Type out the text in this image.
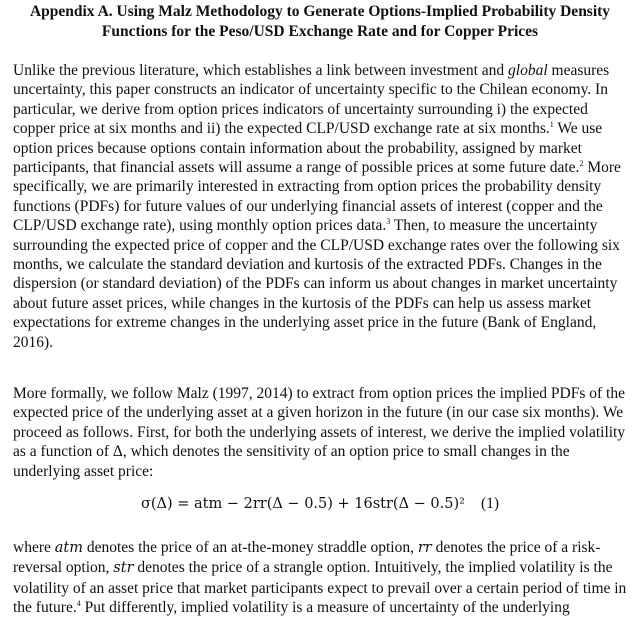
Appendix A. Using Malz Methodology to Generate Options-Implied Probability Density
Functions for the Peso/USD Exchange Rate and for Copper Prices

Unlike the previous literature, which establishes a link between investment and global measures uncertainty, this paper constructs an indicator of uncertainty specific to the Chilean economy. In particular, we derive from option prices indicators of uncertainty surrounding i) the expected copper price at six months and ii) the expected CLP/USD exchange rate at six months.$^1$ We use option prices because options contain information about the probability, assigned by market participants, that financial assets will assume a range of possible prices at some future date.$^2$ More specifically, we are primarily interested in extracting from option prices the probability density functions (PDFs) for future values of our underlying financial assets of interest (copper and the CLP/USD exchange rate), using monthly option prices data.$^3$ Then, to measure the uncertainty surrounding the expected price of copper and the CLP/USD exchange rates over the following six months, we calculate the standard deviation and kurtosis of the extracted PDFs. Changes in the dispersion (or standard deviation) of the PDFs can inform us about changes in market uncertainty about future asset prices, while changes in the kurtosis of the PDFs can help us assess market expectations for extreme changes in the underlying asset price in the future (Bank of England, 2016).

More formally, we follow Malz (1997, 2014) to extract from option prices the implied PDFs of the expected price of the underlying asset at a given horizon in the future (in our case six months). We proceed as follows. First, for both the underlying assets of interest, we derive the implied volatility as a function of Δ, which denotes the sensitivity of an option price to small changes in the underlying asset price:

σ(Δ) = atm − 2rr(Δ − 0.5) + 16str(Δ − 0.5)² (1)

where atm denotes the price of an at-the-money straddle option, rr denotes the price of a risk-reversal option, str denotes the price of a strangle option. Intuitively, the implied volatility is the volatility of an asset price that market participants expect to prevail over a certain period of time in the future.$^4$ Put differently, implied volatility is a measure of uncertainty of the underlying
